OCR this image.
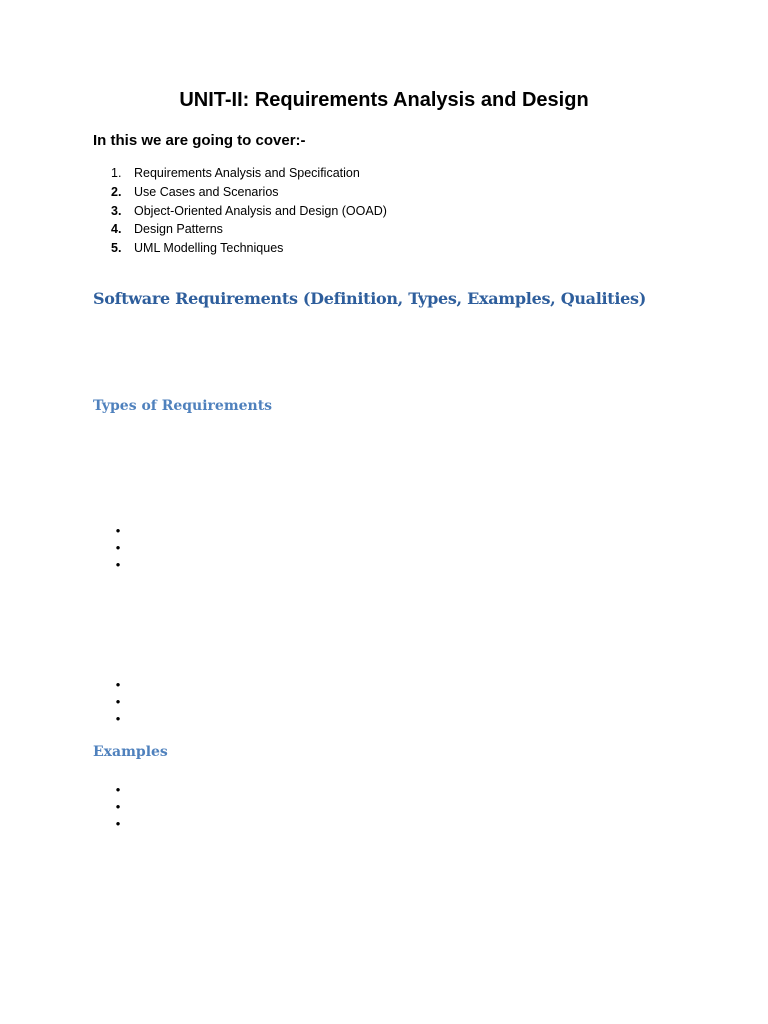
UNIT-II: Requirements Analysis and Design

In this we are going to cover:-

1.	Requirements Analysis and Specification
2.	Use Cases and Scenarios
3.	Object-Oriented Analysis and Design (OOAD)
4.	Design Patterns
5.	UML Modelling Techniques
Software Requirements (Definition, Types, Examples, Qualities)
Types of Requirements
•
•
•
•
•
•
Examples
•
•
•
